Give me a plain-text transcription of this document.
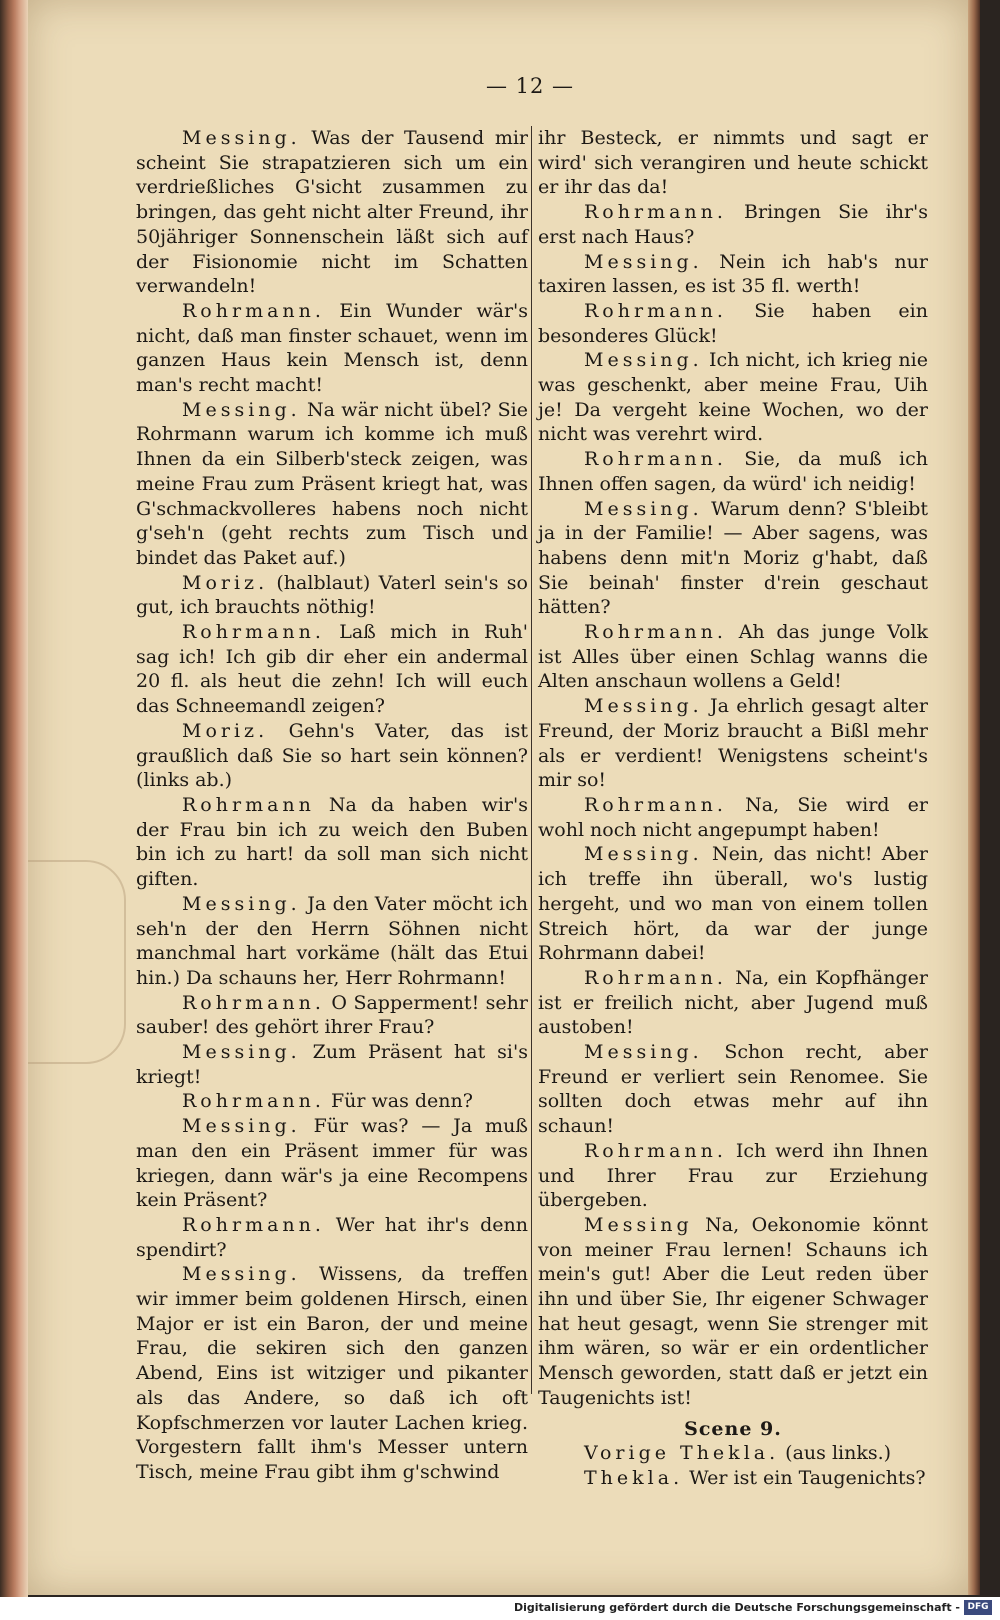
— 12 —

Messing. Was der Tausend mir scheint Sie strapatzieren sich um ein verdrießliches G'sicht zusammen zu bringen, das geht nicht alter Freund, ihr 50jähriger Sonnenschein läßt sich auf der Fisionomie nicht im Schatten verwandeln!

Rohrmann. Ein Wunder wär's nicht, daß man finster schauet, wenn im ganzen Haus kein Mensch ist, denn man's recht macht!

Messing. Na wär nicht übel? Sie Rohrmann warum ich komme ich muß Ihnen da ein Silberb'steck zeigen, was meine Frau zum Präsent kriegt hat, was G'schmackvolleres habens noch nicht g'seh'n (geht rechts zum Tisch und bindet das Paket auf.)

Moriz. (halblaut) Vaterl sein's so gut, ich brauchts nöthig!

Rohrmann. Laß mich in Ruh' sag ich! Ich gib dir eher ein andermal 20 fl. als heut die zehn! Ich will euch das Schneemandl zeigen?

Moriz. Gehn's Vater, das ist graußlich daß Sie so hart sein können? (links ab.)

Rohrmann Na da haben wir's der Frau bin ich zu weich den Buben bin ich zu hart! da soll man sich nicht giften.

Messing. Ja den Vater möcht ich seh'n der den Herrn Söhnen nicht manchmal hart vorkäme (hält das Etui hin.) Da schauns her, Herr Rohrmann!

Rohrmann. O Sapperment! sehr sauber! des gehört ihrer Frau?

Messing. Zum Präsent hat si's kriegt!

Rohrmann. Für was denn?

Messing. Für was? — Ja muß man den ein Präsent immer für was kriegen, dann wär's ja eine Recompens kein Präsent?

Rohrmann. Wer hat ihr's denn spendirt?

Messing. Wissens, da treffen wir immer beim goldenen Hirsch, einen Major er ist ein Baron, der und meine Frau, die sekiren sich den ganzen Abend, Eins ist witziger und pikanter als das Andere, so daß ich oft Kopfschmerzen vor lauter Lachen krieg. Vorgestern fallt ihm's Messer untern Tisch, meine Frau gibt ihm g'schwind

ihr Besteck, er nimmts und sagt er wird' sich verangiren und heute schickt er ihr das da!

Rohrmann. Bringen Sie ihr's erst nach Haus?

Messing. Nein ich hab's nur taxiren lassen, es ist 35 fl. werth!

Rohrmann. Sie haben ein besonderes Glück!

Messing. Ich nicht, ich krieg nie was geschenkt, aber meine Frau, Uih je! Da vergeht keine Wochen, wo der nicht was verehrt wird.

Rohrmann. Sie, da muß ich Ihnen offen sagen, da würd' ich neidig!

Messing. Warum denn? S'bleibt ja in der Familie! — Aber sagens, was habens denn mit'n Moriz g'habt, daß Sie beinah' finster d'rein geschaut hätten?

Rohrmann. Ah das junge Volk ist Alles über einen Schlag wanns die Alten anschaun wollens a Geld!

Messing. Ja ehrlich gesagt alter Freund, der Moriz braucht a Bißl mehr als er verdient! Wenigstens scheint's mir so!

Rohrmann. Na, Sie wird er wohl noch nicht angepumpt haben!

Messing. Nein, das nicht! Aber ich treffe ihn überall, wo's lustig hergeht, und wo man von einem tollen Streich hört, da war der junge Rohrmann dabei!

Rohrmann. Na, ein Kopfhänger ist er freilich nicht, aber Jugend muß austoben!

Messing. Schon recht, aber Freund er verliert sein Renomee. Sie sollten doch etwas mehr auf ihn schaun!

Rohrmann. Ich werd ihn Ihnen und Ihrer Frau zur Erziehung übergeben.

Messing Na, Oekonomie könnt von meiner Frau lernen! Schauns ich mein's gut! Aber die Leut reden über ihn und über Sie, Ihr eigener Schwager hat heut gesagt, wenn Sie strenger mit ihm wären, so wär er ein ordentlicher Mensch geworden, statt daß er jetzt ein Taugenichts ist!

Scene 9.

Vorige Thekla. (aus links.)

Thekla. Wer ist ein Taugenichts?

Digitalisierung gefördert durch die Deutsche Forschungsgemeinschaft - DFG
